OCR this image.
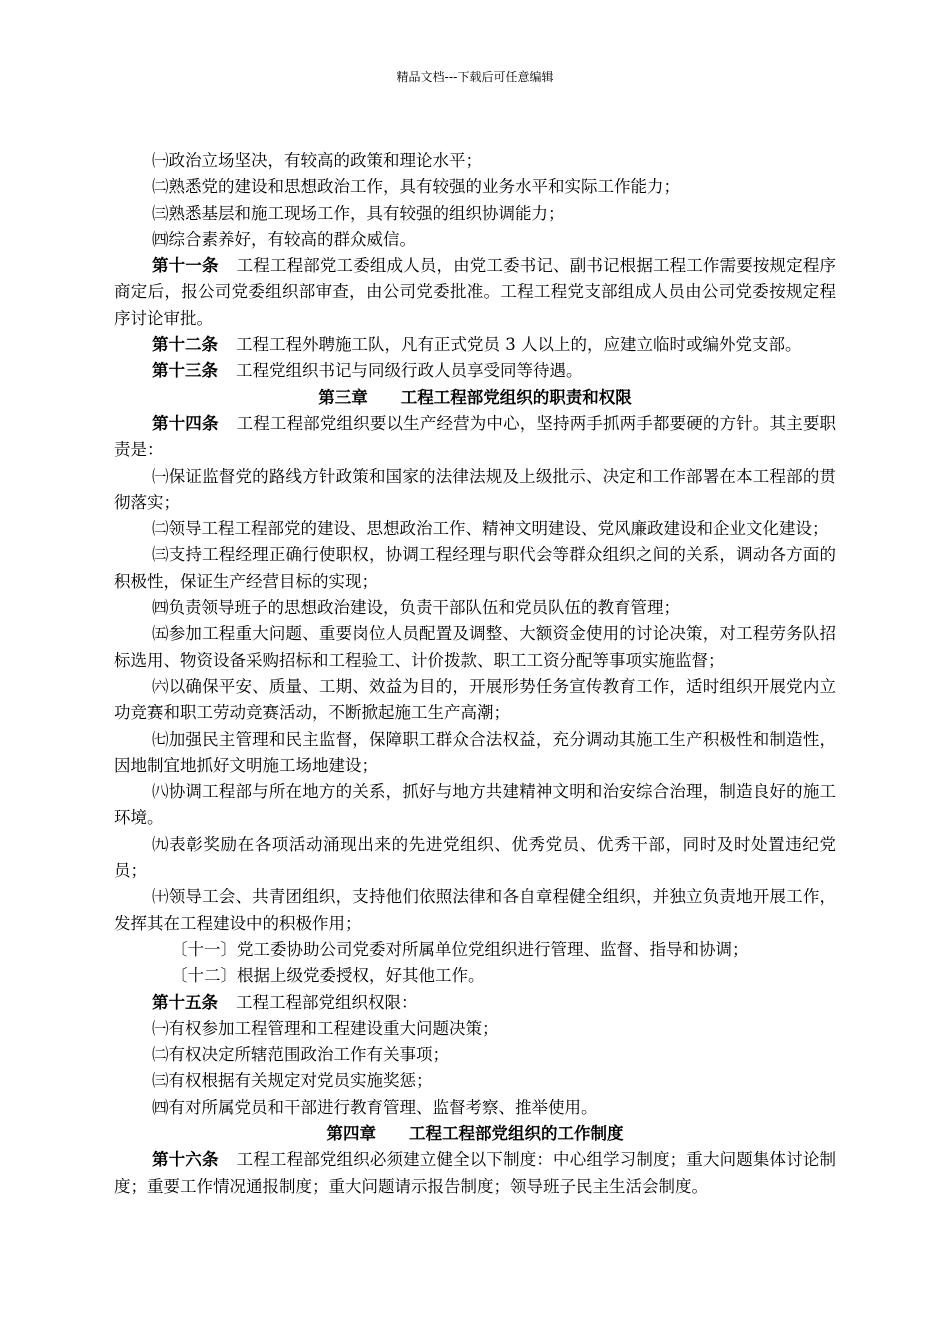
精品文档---下载后可任意编辑

㈠政治立场坚决，有较高的政策和理论水平；

㈡熟悉党的建设和思想政治工作，具有较强的业务水平和实际工作能力；

㈢熟悉基层和施工现场工作，具有较强的组织协调能力；

㈣综合素养好，有较高的群众威信。

第十一条 工程工程部党工委组成人员，由党工委书记、副书记根据工程工作需要按规定程序商定后，报公司党委组织部审查，由公司党委批准。工程工程党支部组成人员由公司党委按规定程序讨论审批。

第十二条 工程工程外聘施工队，凡有正式党员 3 人以上的，应建立临时或编外党支部。

第十三条 工程党组织书记与同级行政人员享受同等待遇。

第三章　　工程工程部党组织的职责和权限

第十四条 工程工程部党组织要以生产经营为中心，坚持两手抓两手都要硬的方针。其主要职责是：

㈠保证监督党的路线方针政策和国家的法律法规及上级批示、决定和工作部署在本工程部的贯彻落实；

㈡领导工程工程部党的建设、思想政治工作、精神文明建设、党风廉政建设和企业文化建设；

㈢支持工程经理正确行使职权，协调工程经理与职代会等群众组织之间的关系，调动各方面的积极性，保证生产经营目标的实现；

㈣负责领导班子的思想政治建设，负责干部队伍和党员队伍的教育管理；

㈤参加工程重大问题、重要岗位人员配置及调整、大额资金使用的讨论决策，对工程劳务队招标选用、物资设备采购招标和工程验工、计价拨款、职工工资分配等事项实施监督；

㈥以确保平安、质量、工期、效益为目的，开展形势任务宣传教育工作，适时组织开展党内立功竞赛和职工劳动竞赛活动，不断掀起施工生产高潮；

㈦加强民主管理和民主监督，保障职工群众合法权益，充分调动其施工生产积极性和制造性，因地制宜地抓好文明施工场地建设；

㈧协调工程部与所在地方的关系，抓好与地方共建精神文明和治安综合治理，制造良好的施工环境。

㈨表彰奖励在各项活动涌现出来的先进党组织、优秀党员、优秀干部，同时及时处置违纪党员；

㈩领导工会、共青团组织，支持他们依照法律和各自章程健全组织，并独立负责地开展工作，发挥其在工程建设中的积极作用；

〔十一〕党工委协助公司党委对所属单位党组织进行管理、监督、指导和协调；

〔十二〕根据上级党委授权，好其他工作。

第十五条 工程工程部党组织权限：

㈠有权参加工程管理和工程建设重大问题决策；

㈡有权决定所辖范围政治工作有关事项；

㈢有权根据有关规定对党员实施奖惩；

㈣有对所属党员和干部进行教育管理、监督考察、推举使用。

第四章　　工程工程部党组织的工作制度

第十六条 工程工程部党组织必须建立健全以下制度：中心组学习制度；重大问题集体讨论制度；重要工作情况通报制度；重大问题请示报告制度；领导班子民主生活会制度。
